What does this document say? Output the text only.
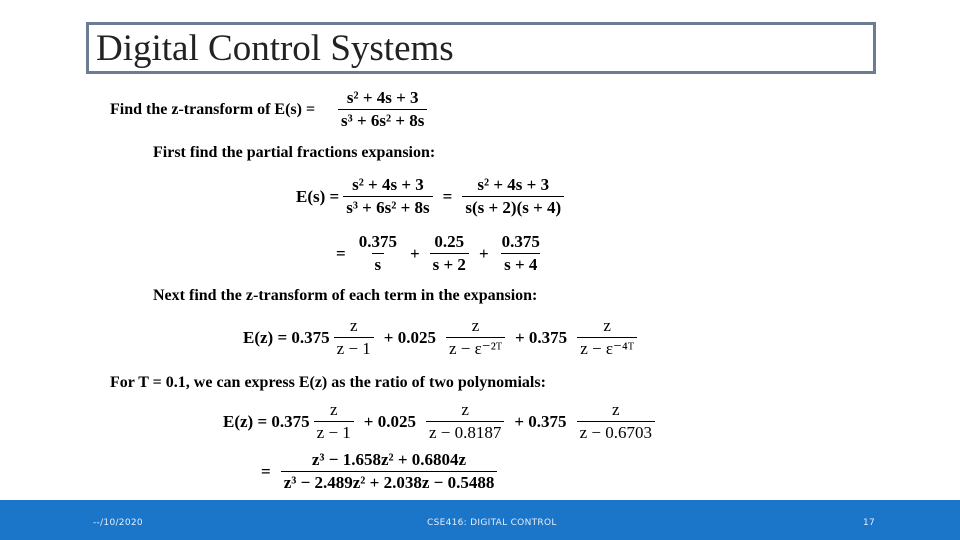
Digital Control Systems
Find the z-transform of $E(s) = \frac{\text{s² + 4s + 3}}{\text{s³ + 6s² + 8s}}$
First find the partial fractions expansion:
$E(s) = \frac{\text{s² + 4s + 3}}{\text{s³ + 6s² + 8s}} = \frac{\text{s² + 4s + 3}}{s(s + 2)(s + 4)}$
= $\frac{0.375}{s} + \frac{0.25}{s + 2} + \frac{0.375}{s + 4}$
Next find the z-transform of each term in the expansion:
$E(z) = 0.375 \frac{z}{z - 1} + 0.025 \frac{z}{\text{z − ε⁻²ᵀ}} + 0.375 \frac{z}{\text{z − ε⁻⁴ᵀ}}$
For T = 0.1, we can express E(z) as the ratio of two polynomials:
$E(z) = 0.375 \frac{z}{z - 1} + 0.025 \frac{z}{z - 0.8187} + 0.375 \frac{z}{z - 0.6703}$
= $\frac{\text{z³ − 1.658z² + 0.6804z}}{\text{z³ − 2.489z² + 2.038z − 0.5488}}$
--/10/2020	CSE416: DIGITAL CONTROL	17
